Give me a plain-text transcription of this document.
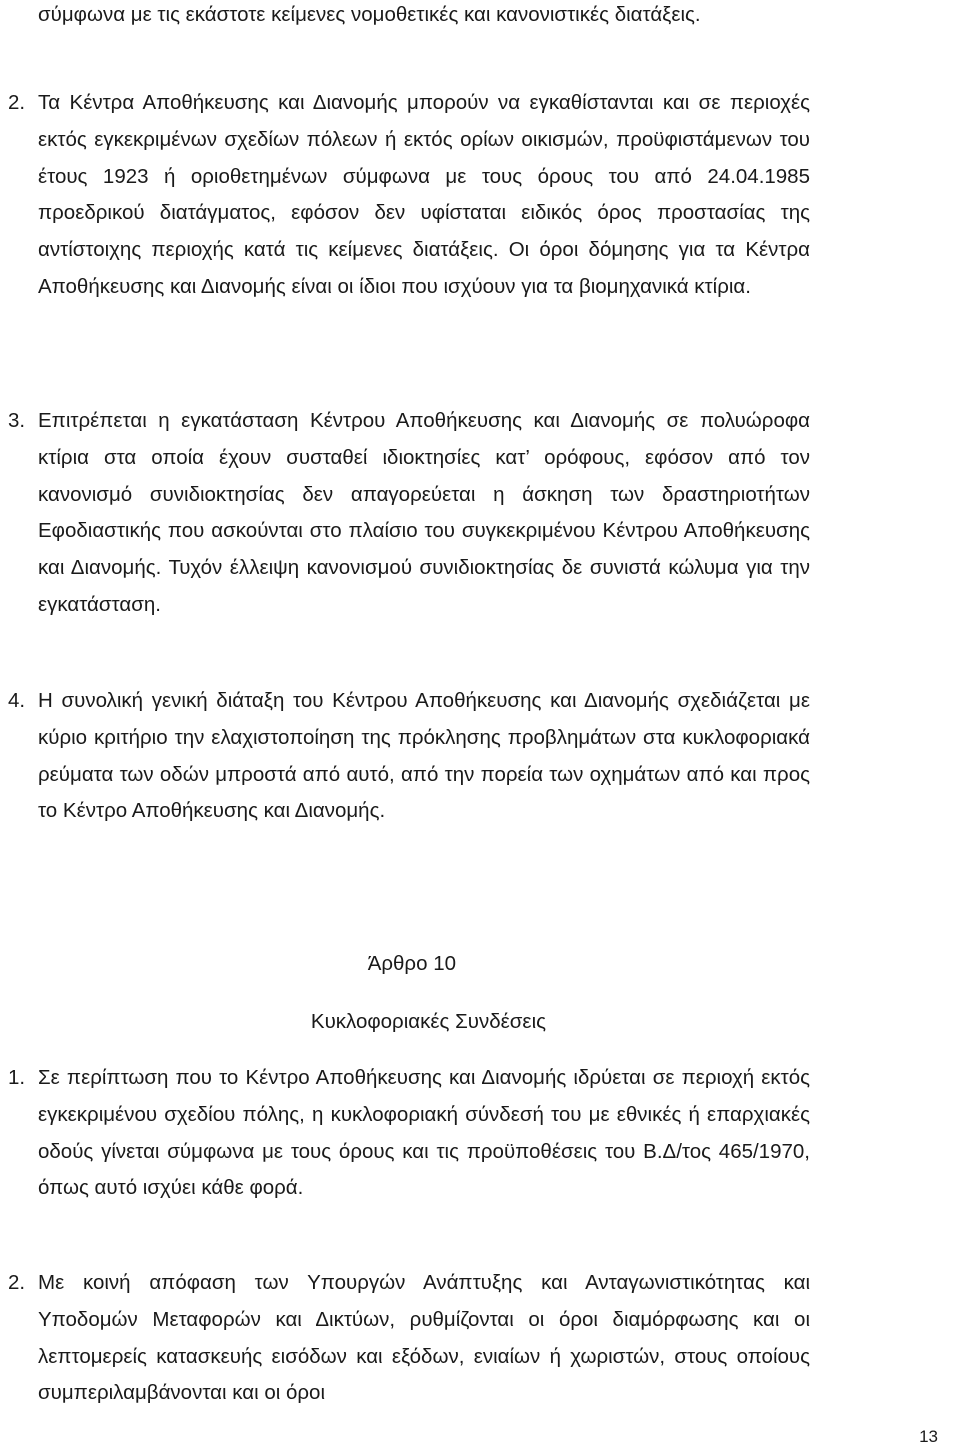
σύμφωνα με τις εκάστοτε κείμενες νομοθετικές και κανονιστικές διατάξεις.

2. Τα Κέντρα Αποθήκευσης και Διανομής μπορούν να εγκαθίστανται και σε περιοχές εκτός εγκεκριμένων σχεδίων πόλεων ή εκτός ορίων οικισμών, προϋφιστάμενων του έτους 1923 ή οριοθετημένων σύμφωνα με τους όρους του από 24.04.1985 προεδρικού διατάγματος, εφόσον δεν υφίσταται ειδικός όρος προστασίας της αντίστοιχης περιοχής κατά τις κείμενες διατάξεις. Οι όροι δόμησης για τα Κέντρα Αποθήκευσης και Διανομής είναι οι ίδιοι που ισχύουν για τα βιομηχανικά κτίρια.
3. Επιτρέπεται η εγκατάσταση Κέντρου Αποθήκευσης και Διανομής σε πολυώροφα κτίρια στα οποία έχουν συσταθεί ιδιοκτησίες κατ’ ορόφους, εφόσον από τον κανονισμό συνιδιοκτησίας δεν απαγορεύεται η άσκηση των δραστηριοτήτων Εφοδιαστικής που ασκούνται στο πλαίσιο του συγκεκριμένου Κέντρου Αποθήκευσης και Διανομής. Τυχόν έλλειψη κανονισμού συνιδιοκτησίας δε συνιστά κώλυμα για την εγκατάσταση.
4. Η συνολική γενική διάταξη του Κέντρου Αποθήκευσης και Διανομής σχεδιάζεται με κύριο κριτήριο την ελαχιστοποίηση της πρόκλησης προβλημάτων στα κυκλοφοριακά ρεύματα των οδών μπροστά από αυτό, από την πορεία των οχημάτων από και προς το Κέντρο Αποθήκευσης και Διανομής.
Άρθρο 10
Κυκλοφοριακές Συνδέσεις
1. Σε περίπτωση που το Κέντρο Αποθήκευσης και Διανομής ιδρύεται σε περιοχή εκτός εγκεκριμένου σχεδίου πόλης, η κυκλοφοριακή σύνδεσή του με εθνικές ή επαρχιακές οδούς γίνεται σύμφωνα με τους όρους και τις προϋποθέσεις του Β.Δ/τος 465/1970, όπως αυτό ισχύει κάθε φορά.
2. Με κοινή απόφαση των Υπουργών Ανάπτυξης και Ανταγωνιστικότητας και Υποδομών Μεταφορών και Δικτύων, ρυθμίζονται οι όροι διαμόρφωσης και οι λεπτομερείς κατασκευής εισόδων και εξόδων, ενιαίων ή χωριστών, στους οποίους συμπεριλαμβάνονται και οι όροι
13
